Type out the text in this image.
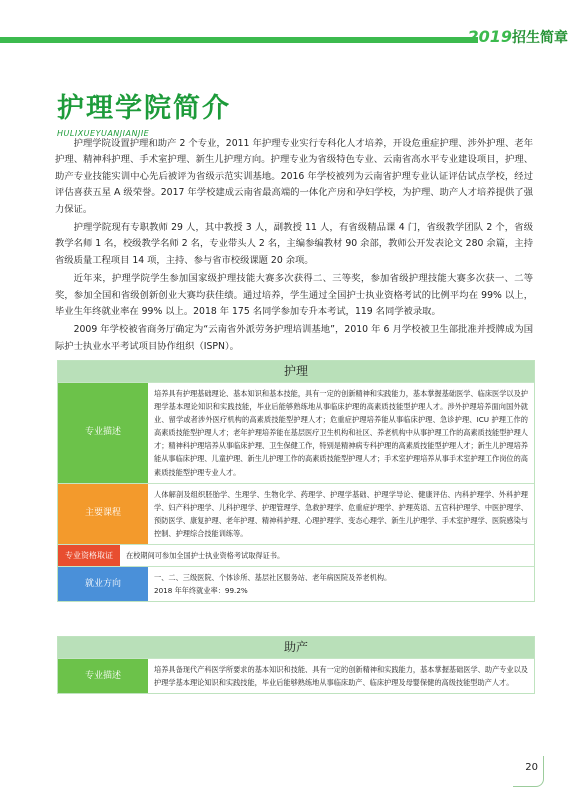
2019招生简章
护理学院简介
HULIXUEYUANJIANJIE

护理学院设置护理和助产 2 个专业，2011 年护理专业实行专科化人才培养，开设危重症护理、涉外护理、老年护理、精神科护理、手术室护理、新生儿护理方向。护理专业为省级特色专业、云南省高水平专业建设项目，护理、助产专业技能实训中心先后被评为省级示范实训基地。2016 年学校被列为云南省护理专业认证评估试点学校，经过评估喜获五星 A 级荣誉。2017 年学校建成云南省最高端的一体化产房和孕妇学校，为护理、助产人才培养提供了强力保证。

护理学院现有专职教师 29 人，其中教授 3 人，副教授 11 人，有省级精品课 4 门，省级教学团队 2 个，省级教学名师 1 名，校级教学名师 2 名，专业带头人 2 名，主编参编教材 90 余部，教师公开发表论文 280 余篇，主持省级质量工程项目 14 项，主持、参与省市校级课题 20 余项。

近年来，护理学院学生参加国家级护理技能大赛多次获得二、三等奖，参加省级护理技能大赛多次获一、二等奖，参加全国和省级创新创业大赛均获佳绩。通过培养，学生通过全国护士执业资格考试的比例平均在 99% 以上，毕业生年终就业率在 99% 以上。2018 年 175 名同学参加专升本考试，119 名同学被录取。

2009 年学校被省商务厅确定为“云南省外派劳务护理培训基地”，2010 年 6 月学校被卫生部批准并授牌成为国际护士执业水平考试项目协作组织（ISPN）。

护理
专业描述
培养具有护理基础理论、基本知识和基本技能，具有一定的创新精神和实践能力，基本掌握基础医学、临床医学以及护理学基本理论知识和实践技能，毕业后能够熟练地从事临床护理的高素质技能型护理人才。涉外护理培养面向国外就业、留学或者涉外医疗机构的高素质技能型护理人才；危重症护理培养能从事临床护理、急诊护理、ICU 护理工作的高素质技能型护理人才；老年护理培养能在基层医疗卫生机构和社区、养老机构中从事护理工作的高素质技能型护理人才；精神科护理培养从事临床护理、卫生保健工作，特别是精神病专科护理的高素质技能型护理人才；新生儿护理培养能从事临床护理、儿童护理、新生儿护理工作的高素质技能型护理人才；手术室护理培养从事手术室护理工作岗位的高素质技能型护理专业人才。
主要课程
人体解剖及组织胚胎学、生理学、生物化学、药理学、护理学基础、护理学导论、健康评估、内科护理学、外科护理学、妇产科护理学、儿科护理学、护理管理学、急救护理学、危重症护理学、护理英语、五官科护理学、中医护理学、预防医学、康复护理、老年护理、精神科护理、心理护理学、变态心理学、新生儿护理学、手术室护理学、医院感染与控制、护理综合技能训练等。
专业资格取证	在校期间可参加全国护士执业资格考试取得证书。
就业方向
一、二、三级医院、个体诊所、基层社区服务站、老年病医院及养老机构。
2018 年年终就业率：99.2%
助产
专业描述
培养具备现代产科医学所要求的基本知识和技能、具有一定的创新精神和实践能力，基本掌握基础医学、助产专业以及护理学基本理论知识和实践技能，毕业后能够熟练地从事临床助产、临床护理及母婴保健的高级技能型助产人才。
20
